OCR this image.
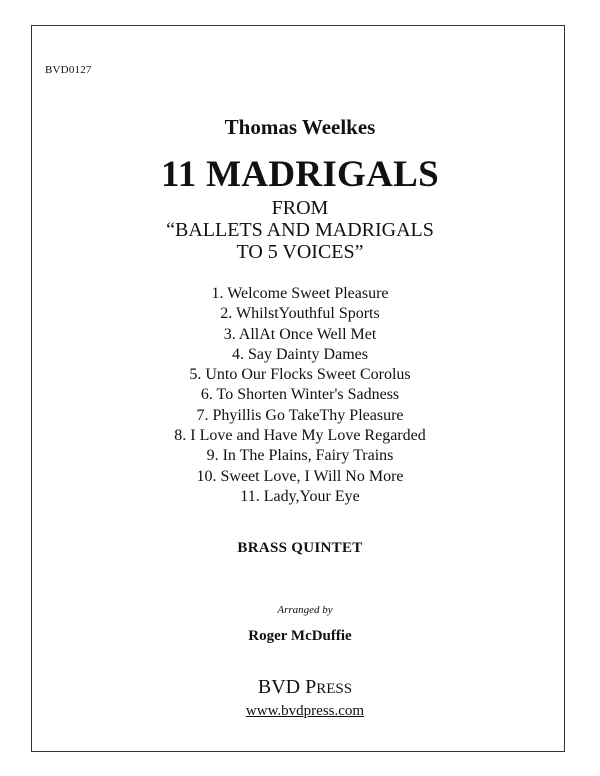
BVD0127
Thomas Weelkes
11 MADRIGALS
FROM
“BALLETS AND MADRIGALS
TO 5 VOICES”
1. Welcome Sweet Pleasure
2. WhilstYouthful Sports
3. AllAt Once Well Met
4. Say Dainty Dames
5. Unto Our Flocks Sweet Corolus
6. To Shorten Winter's Sadness
7. Phyillis Go TakeThy Pleasure
8. I Love and Have My Love Regarded
9. In The Plains, Fairy Trains
10. Sweet Love, I Will No More
11. Lady,Your Eye
BRASS QUINTET
Arranged by
Roger McDuffie
BVD PRESS
www.bvdpress.com
